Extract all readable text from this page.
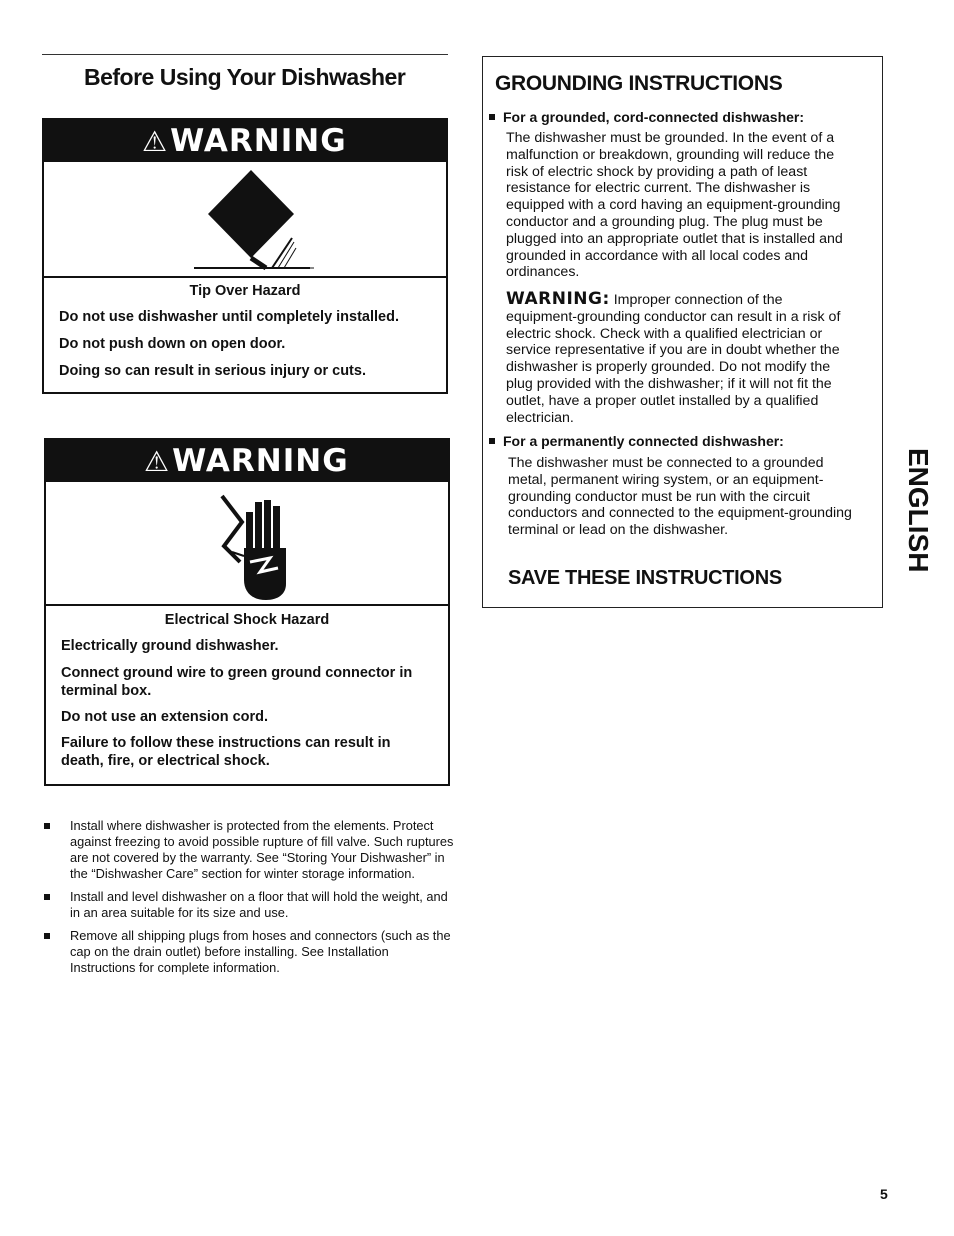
Before Using Your Dishwasher
⚠WARNING
Tip Over Hazard
Do not use dishwasher until completely installed.
Do not push down on open door.
Doing so can result in serious injury or cuts.
⚠WARNING
Electrical Shock Hazard
Electrically ground dishwasher.
Connect ground wire to green ground connector in terminal box.
Do not use an extension cord.
Failure to follow these instructions can result in death, fire, or electrical shock.
Install where dishwasher is protected from the elements. Protect against freezing to avoid possible rupture of fill valve. Such ruptures are not covered by the warranty. See “Storing Your Dishwasher” in the “Dishwasher Care” section for winter storage information.
Install and level dishwasher on a floor that will hold the weight, and in an area suitable for its size and use.
Remove all shipping plugs from hoses and connectors (such as the cap on the drain outlet) before installing. See Installation Instructions for complete information.
GROUNDING INSTRUCTIONS
For a grounded, cord-connected dishwasher:
The dishwasher must be grounded. In the event of a malfunction or breakdown, grounding will reduce the risk of electric shock by providing a path of least resistance for electric current. The dishwasher is equipped with a cord having an equipment-grounding conductor and a grounding plug. The plug must be plugged into an appropriate outlet that is installed and grounded in accordance with all local codes and ordinances.
WARNING: Improper connection of the equipment-grounding conductor can result in a risk of electric shock. Check with a qualified electrician or service representative if you are in doubt whether the dishwasher is properly grounded. Do not modify the plug provided with the dishwasher; if it will not fit the outlet, have a proper outlet installed by a qualified electrician.
For a permanently connected dishwasher:
The dishwasher must be connected to a grounded metal, permanent wiring system, or an equipment-grounding conductor must be run with the circuit conductors and connected to the equipment-grounding terminal or lead on the dishwasher.
SAVE THESE INSTRUCTIONS
ENGLISH
5
